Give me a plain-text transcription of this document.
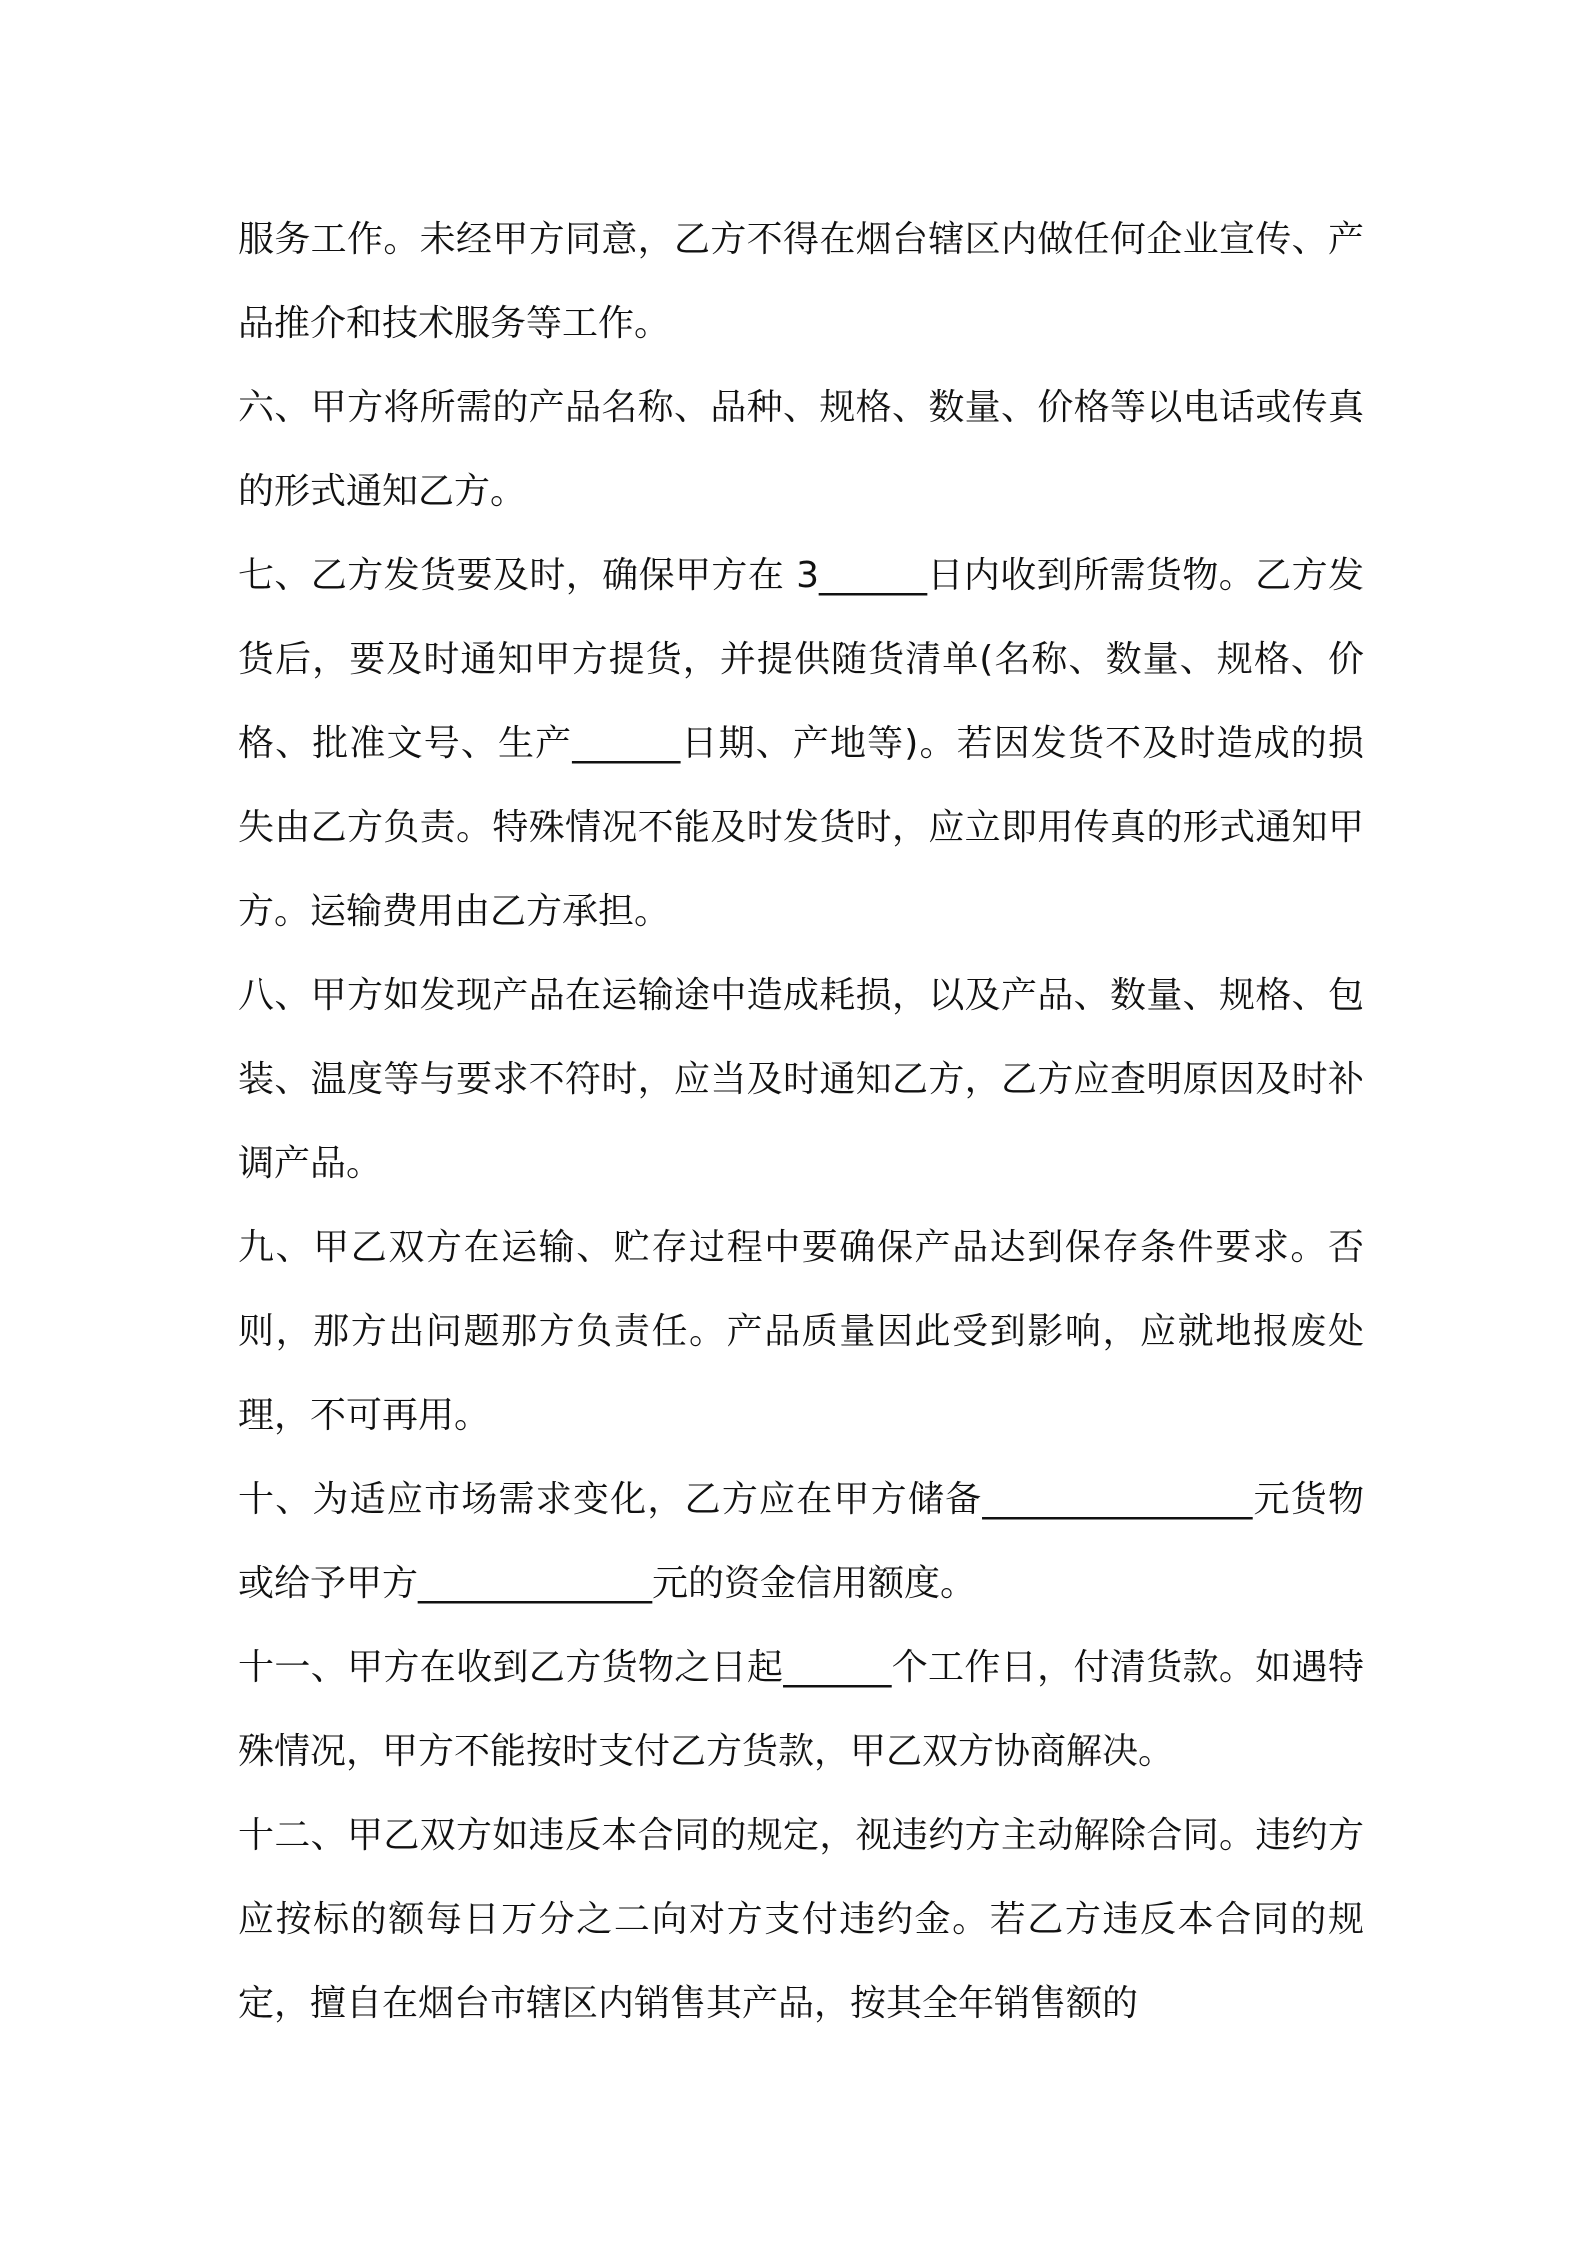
服务工作。未经甲方同意，乙方不得在烟台辖区内做任何企业宣传、产品推介和技术服务等工作。

六、甲方将所需的产品名称、品种、规格、数量、价格等以电话或传真的形式通知乙方。

七、乙方发货要及时，确保甲方在 3______日内收到所需货物。乙方发货后，要及时通知甲方提货，并提供随货清单(名称、数量、规格、价格、批准文号、生产______日期、产地等)。若因发货不及时造成的损失由乙方负责。特殊情况不能及时发货时，应立即用传真的形式通知甲方。运输费用由乙方承担。

八、甲方如发现产品在运输途中造成耗损，以及产品、数量、规格、包装、温度等与要求不符时，应当及时通知乙方，乙方应查明原因及时补调产品。

九、甲乙双方在运输、贮存过程中要确保产品达到保存条件要求。否则，那方出问题那方负责任。产品质量因此受到影响，应就地报废处理，不可再用。

十、为适应市场需求变化，乙方应在甲方储备_______________元货物或给予甲方_____________元的资金信用额度。

十一、甲方在收到乙方货物之日起______个工作日，付清货款。如遇特殊情况，甲方不能按时支付乙方货款，甲乙双方协商解决。

十二、甲乙双方如违反本合同的规定，视违约方主动解除合同。违约方应按标的额每日万分之二向对方支付违约金。若乙方违反本合同的规定，擅自在烟台市辖区内销售其产品，按其全年销售额的
